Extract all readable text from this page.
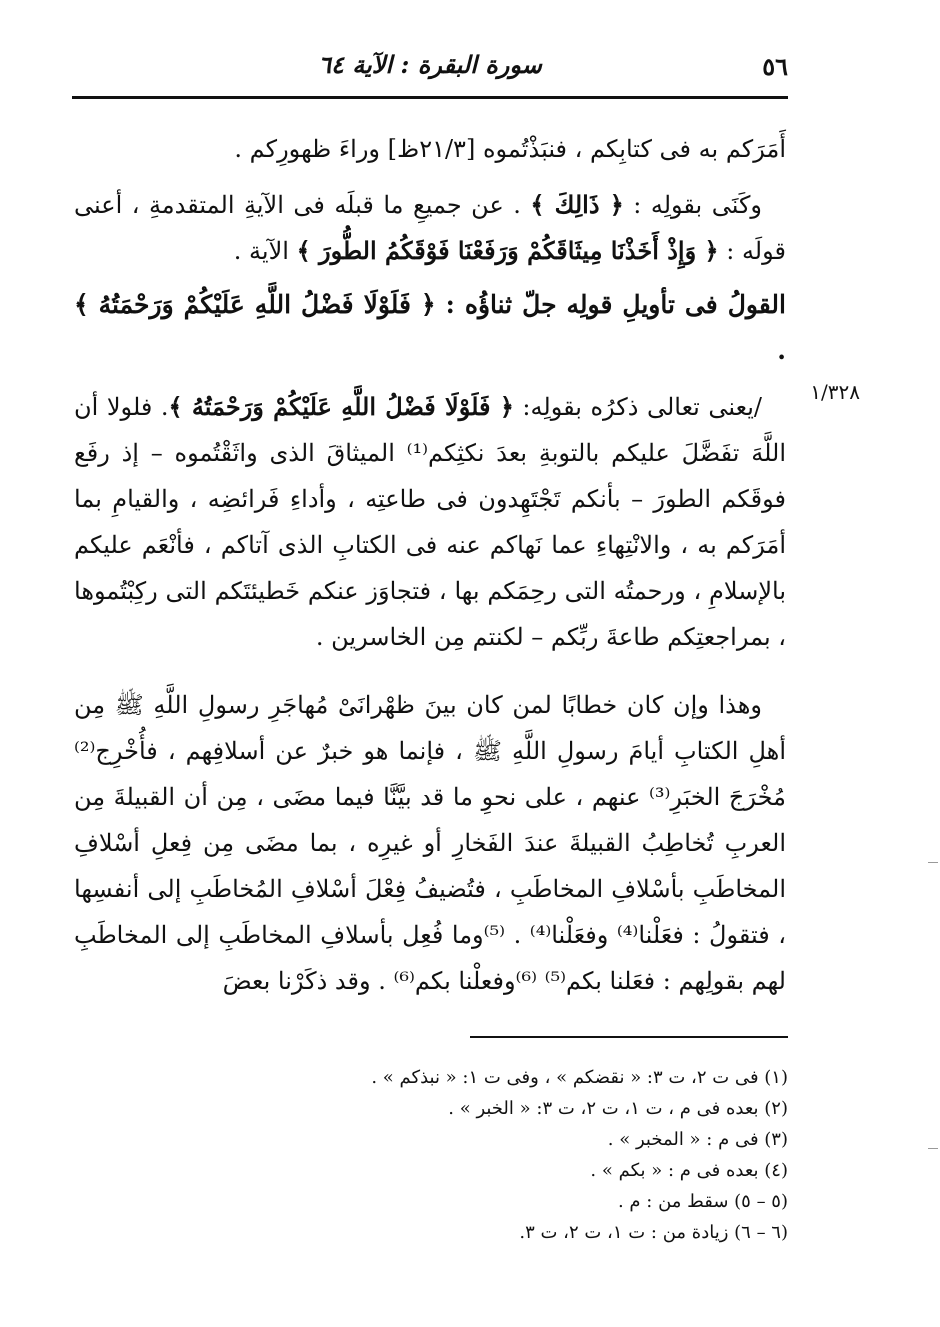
٥٦
سورة البقرة : الآية ٦٤
١/٣٢٨

أَمَرَكم به فى كتابِكم ، فنبَذْتُموه [٢١/٣ظ] وراءَ ظهورِكم .

وكَنَى بقولِه : ﴿ ذَالِكَ ﴾ . عن جميعِ ما قبلَه فى الآيةِ المتقدمةِ ، أعنى قولَه : ﴿ وَإِذْ أَخَذْنَا مِيثَاقَكُمْ وَرَفَعْنَا فَوْقَكُمُ الطُّورَ ﴾ الآية .

القولُ فى تأويلِ قولِه جلّ ثناؤُه : ﴿ فَلَوْلَا فَضْلُ اللَّهِ عَلَيْكُمْ وَرَحْمَتُهُ ﴾ .

/يعنى تعالى ذكرُه بقولِه: ﴿ فَلَوْلَا فَضْلُ اللَّهِ عَلَيْكُمْ وَرَحْمَتُهُ ﴾. فلولا أن اللَّهَ تفَضَّلَ عليكم بالتوبةِ بعدَ نكثِكم⁽¹⁾ الميثاقَ الذى واثَقْتُموه – إذ رفَع فوقَكم الطورَ – بأنكم تَجْتَهِدون فى طاعتِه ، وأداءِ فَرائضِه ، والقيامِ بما أمَرَكم به ، والانْتِهاءِ عما نَهاكم عنه فى الكتابِ الذى آتاكم ، فأنْعَم عليكم بالإسلامِ ، ورحمتُه التى رحِمَكم بها ، فتجاوَز عنكم خَطيئتَكم التى ركِبْتُموها ، بمراجعتِكم طاعةَ ربِّكم – لكنتم مِن الخاسرين .

وهذا وإن كان خطابًا لمن كان بينَ ظهْرانَىْ مُهاجَرِ رسولِ اللَّهِ ﷺ مِن أهلِ الكتابِ أيامَ رسولِ اللَّهِ ﷺ ، فإنما هو خبرٌ عن أسلافِهم ، فأُخْرِج⁽²⁾ مُخْرَجَ الخبَرِ⁽³⁾ عنهم ، على نحوِ ما قد بيَّنَّا فيما مضَى ، مِن أن القبيلةَ مِن العربِ تُخاطِبُ القبيلةَ عندَ الفَخارِ أو غيرِه ، بما مضَى مِن فِعلِ أسْلافِ المخاطَبِ بأسْلافِ المخاطَبِ ، فتُضيفُ فِعْلَ أسْلافِ المُخاطَبِ إلى أنفسِها ، فتقولُ : فعَلْنا⁽⁴⁾ وفعَلْنا⁽⁴⁾ . ⁽⁵⁾وما فُعِل بأسلافِ المخاطَبِ إلى المخاطَبِ لهم بقولِهم : فعَلنا بكم⁽⁵⁾ ⁽⁶⁾وفعلْنا بكم⁽⁶⁾ . وقد ذكَرْنا بعضَ

(١) فى ت ٢، ت ٣: « نقضكم » ، وفى ت ١: « نبذكم » .

(٢) بعده فى م ، ت ١، ت ٢، ت ٣: « الخبر » .

(٣) فى م : « المخبر » .

(٤) بعده فى م : « بكم » .

(٥ – ٥) سقط من : م .

(٦ – ٦) زيادة من : ت ١، ت ٢، ت ٣.
